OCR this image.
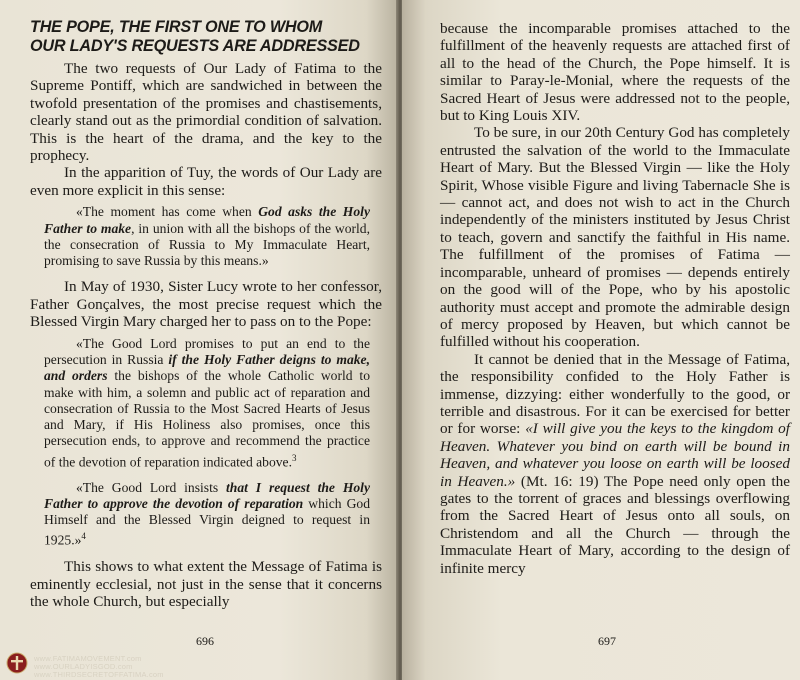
THE POPE, THE FIRST ONE TO WHOM
OUR LADY'S REQUESTS ARE ADDRESSED

The two requests of Our Lady of Fatima to the Supreme Pontiff, which are sandwiched in between the twofold presentation of the promises and chastisements, clearly stand out as the primordial condition of salvation. This is the heart of the drama, and the key to the prophecy.

In the apparition of Tuy, the words of Our Lady are even more explicit in this sense:

«The moment has come when God asks the Holy Father to make, in union with all the bishops of the world, the consecration of Russia to My Immaculate Heart, promising to save Russia by this means.»

In May of 1930, Sister Lucy wrote to her confessor, Father Gonçalves, the most precise request which the Blessed Virgin Mary charged her to pass on to the Pope:

«The Good Lord promises to put an end to the persecution in Russia if the Holy Father deigns to make, and orders the bishops of the whole Catholic world to make with him, a solemn and public act of reparation and consecration of Russia to the Most Sacred Hearts of Jesus and Mary, if His Holiness also promises, once this persecution ends, to approve and recommend the practice of the devotion of reparation indicated above.$^3$
«The Good Lord insists that I request the Holy Father to approve the devotion of reparation which God Himself and the Blessed Virgin deigned to request in 1925.»$^4$

This shows to what extent the Message of Fatima is eminently ecclesial, not just in the sense that it concerns the whole Church, but especially

696
www.FATIMAMOVEMENT.com
www.OURLADYISGOD.com
www.THIRDSECRETOFFATIMA.com

because the incomparable promises attached to the fulfillment of the heavenly requests are attached first of all to the head of the Church, the Pope himself. It is similar to Paray-le-Monial, where the requests of the Sacred Heart of Jesus were addressed not to the people, but to King Louis XIV.

To be sure, in our 20th Century God has completely entrusted the salvation of the world to the Immaculate Heart of Mary. But the Blessed Virgin — like the Holy Spirit, Whose visible Figure and living Tabernacle She is — cannot act, and does not wish to act in the Church independently of the ministers instituted by Jesus Christ to teach, govern and sanctify the faithful in His name. The fulfillment of the promises of Fatima — incomparable, unheard of promises — depends entirely on the good will of the Pope, who by his apostolic authority must accept and promote the admirable design of mercy proposed by Heaven, but which cannot be fulfilled without his cooperation.

It cannot be denied that in the Message of Fatima, the responsibility confided to the Holy Father is immense, dizzying: either wonderfully to the good, or terrible and disastrous. For it can be exercised for better or for worse: «I will give you the keys to the kingdom of Heaven. Whatever you bind on earth will be bound in Heaven, and whatever you loose on earth will be loosed in Heaven.» (Mt. 16: 19) The Pope need only open the gates to the torrent of graces and blessings overflowing from the Sacred Heart of Jesus onto all souls, on Christendom and all the Church — through the Immaculate Heart of Mary, according to the design of infinite mercy

697
